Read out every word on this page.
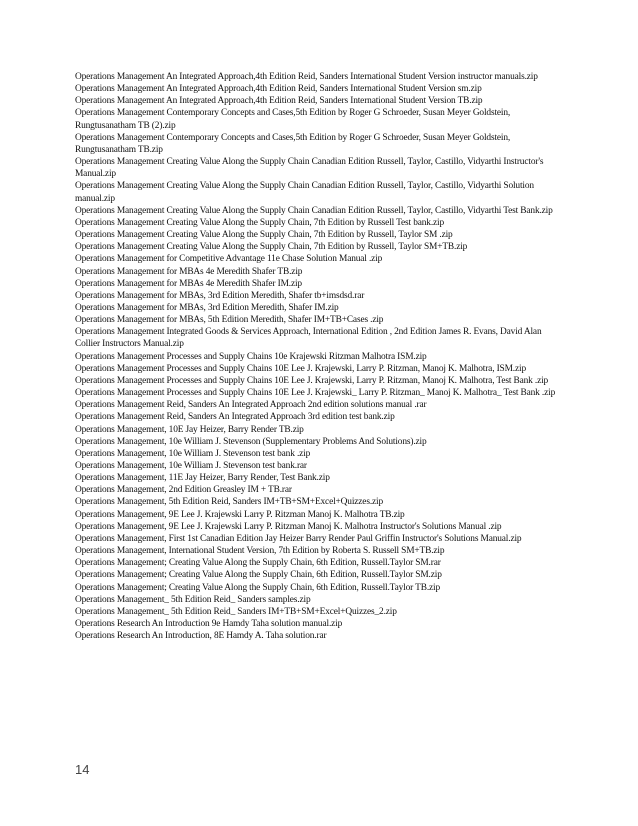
Operations Management An Integrated Approach,4th Edition Reid, Sanders International Student Version instructor manuals.zip

Operations Management An Integrated Approach,4th Edition Reid, Sanders International Student Version sm.zip

Operations Management An Integrated Approach,4th Edition Reid, Sanders International Student Version TB.zip

Operations Management Contemporary Concepts and Cases,5th Edition by Roger G Schroeder, Susan Meyer Goldstein, Rungtusanatham TB (2).zip

Operations Management Contemporary Concepts and Cases,5th Edition by Roger G Schroeder, Susan Meyer Goldstein, Rungtusanatham TB.zip

Operations Management Creating Value Along the Supply Chain Canadian Edition Russell, Taylor, Castillo, Vidyarthi Instructor's Manual.zip

Operations Management Creating Value Along the Supply Chain Canadian Edition Russell, Taylor, Castillo, Vidyarthi Solution manual.zip

Operations Management Creating Value Along the Supply Chain Canadian Edition Russell, Taylor, Castillo, Vidyarthi Test Bank.zip

Operations Management Creating Value Along the Supply Chain, 7th Edition by Russell Test bank.zip

Operations Management Creating Value Along the Supply Chain, 7th Edition by Russell, Taylor SM .zip

Operations Management Creating Value Along the Supply Chain, 7th Edition by Russell, Taylor SM+TB.zip

Operations Management for Competitive Advantage 11e Chase Solution Manual .zip

Operations Management for MBAs 4e Meredith Shafer TB.zip

Operations Management for MBAs 4e Meredith Shafer IM.zip

Operations Management for MBAs, 3rd Edition Meredith, Shafer tb+imsdsd.rar

Operations Management for MBAs, 3rd Edition Meredith, Shafer IM.zip

Operations Management for MBAs, 5th Edition Meredith, Shafer IM+TB+Cases .zip

Operations Management Integrated Goods & Services Approach, International Edition , 2nd Edition James R. Evans, David Alan Collier Instructors Manual.zip

Operations Management Processes and Supply Chains 10e Krajewski Ritzman Malhotra ISM.zip

Operations Management Processes and Supply Chains 10E Lee J. Krajewski, Larry P. Ritzman, Manoj K. Malhotra, ISM.zip

Operations Management Processes and Supply Chains 10E Lee J. Krajewski, Larry P. Ritzman, Manoj K. Malhotra, Test Bank .zip

Operations Management Processes and Supply Chains 10E Lee J. Krajewski_ Larry P. Ritzman_ Manoj K. Malhotra_ Test Bank .zip

Operations Management Reid, Sanders An Integrated Approach 2nd edition solutions manual .rar

Operations Management Reid, Sanders An Integrated Approach 3rd edition test bank.zip

Operations Management, 10E Jay Heizer, Barry Render TB.zip

Operations Management, 10e William J. Stevenson (Supplementary Problems And Solutions).zip

Operations Management, 10e William J. Stevenson test bank .zip

Operations Management, 10e William J. Stevenson test bank.rar

Operations Management, 11E Jay Heizer, Barry Render, Test Bank.zip

Operations Management, 2nd Edition Greasley IM + TB.rar

Operations Management, 5th Edition Reid, Sanders IM+TB+SM+Excel+Quizzes.zip

Operations Management, 9E Lee J. Krajewski Larry P. Ritzman Manoj K. Malhotra TB.zip

Operations Management, 9E Lee J. Krajewski Larry P. Ritzman Manoj K. Malhotra Instructor's Solutions Manual .zip

Operations Management, First 1st Canadian Edition Jay Heizer Barry Render Paul Griffin Instructor's Solutions Manual.zip

Operations Management, International Student Version, 7th Edition by Roberta S. Russell SM+TB.zip

Operations Management; Creating Value Along the Supply Chain, 6th Edition, Russell.Taylor SM.rar

Operations Management; Creating Value Along the Supply Chain, 6th Edition, Russell.Taylor SM.zip

Operations Management; Creating Value Along the Supply Chain, 6th Edition, Russell.Taylor TB.zip

Operations Management_ 5th Edition Reid_ Sanders samples.zip

Operations Management_ 5th Edition Reid_ Sanders IM+TB+SM+Excel+Quizzes_2.zip

Operations Research An Introduction 9e Hamdy Taha solution manual.zip

Operations Research An Introduction, 8E Hamdy A. Taha solution.rar

14
